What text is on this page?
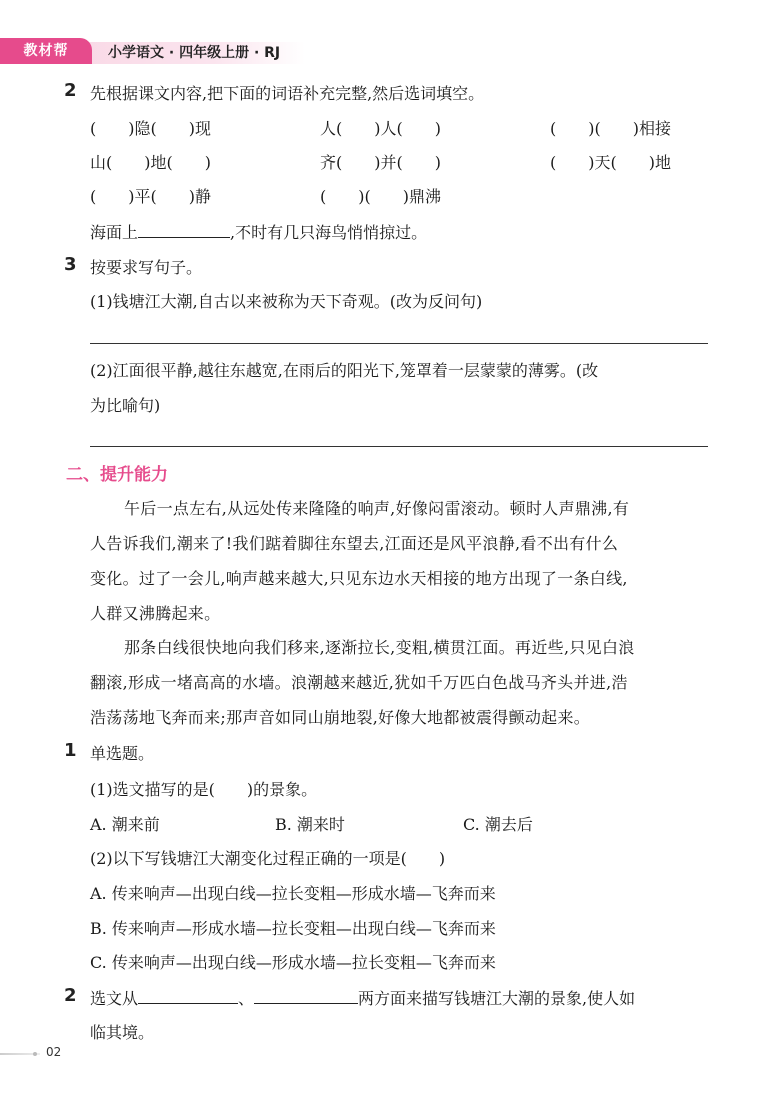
教材帮	小学语文 · 四年级上册 · RJ
2 先根据课文内容,把下面的词语补充完整,然后选词填空。
(　　)隐(　　)现	人(　　)人(　　)	(　　)(　　)相接
山(　　)地(　　)	齐(　　)并(　　)	(　　)天(　　)地
(　　)平(　　)静	(　　)(　　)鼎沸
海面上	,不时有几只海鸟悄悄掠过。
3 按要求写句子。
(1)钱塘江大潮,自古以来被称为天下奇观。(改为反问句)
(2)江面很平静,越往东越宽,在雨后的阳光下,笼罩着一层蒙蒙的薄雾。(改
为比喻句)
二、提升能力
午后一点左右,从远处传来隆隆的响声,好像闷雷滚动。顿时人声鼎沸,有
人告诉我们,潮来了!我们踮着脚往东望去,江面还是风平浪静,看不出有什么
变化。过了一会儿,响声越来越大,只见东边水天相接的地方出现了一条白线,
人群又沸腾起来。
那条白线很快地向我们移来,逐渐拉长,变粗,横贯江面。再近些,只见白浪
翻滚,形成一堵高高的水墙。浪潮越来越近,犹如千万匹白色战马齐头并进,浩
浩荡荡地飞奔而来;那声音如同山崩地裂,好像大地都被震得颤动起来。
1 单选题。
(1)选文描写的是(　　)的景象。
A. 潮来前	B. 潮来时	C. 潮去后
(2)以下写钱塘江大潮变化过程正确的一项是(　　)
A. 传来响声—出现白线—拉长变粗—形成水墙—飞奔而来
B. 传来响声—形成水墙—拉长变粗—出现白线—飞奔而来
C. 传来响声—出现白线—形成水墙—拉长变粗—飞奔而来
2 选文从	、	两方面来描写钱塘江大潮的景象,使人如
临其境。
02
